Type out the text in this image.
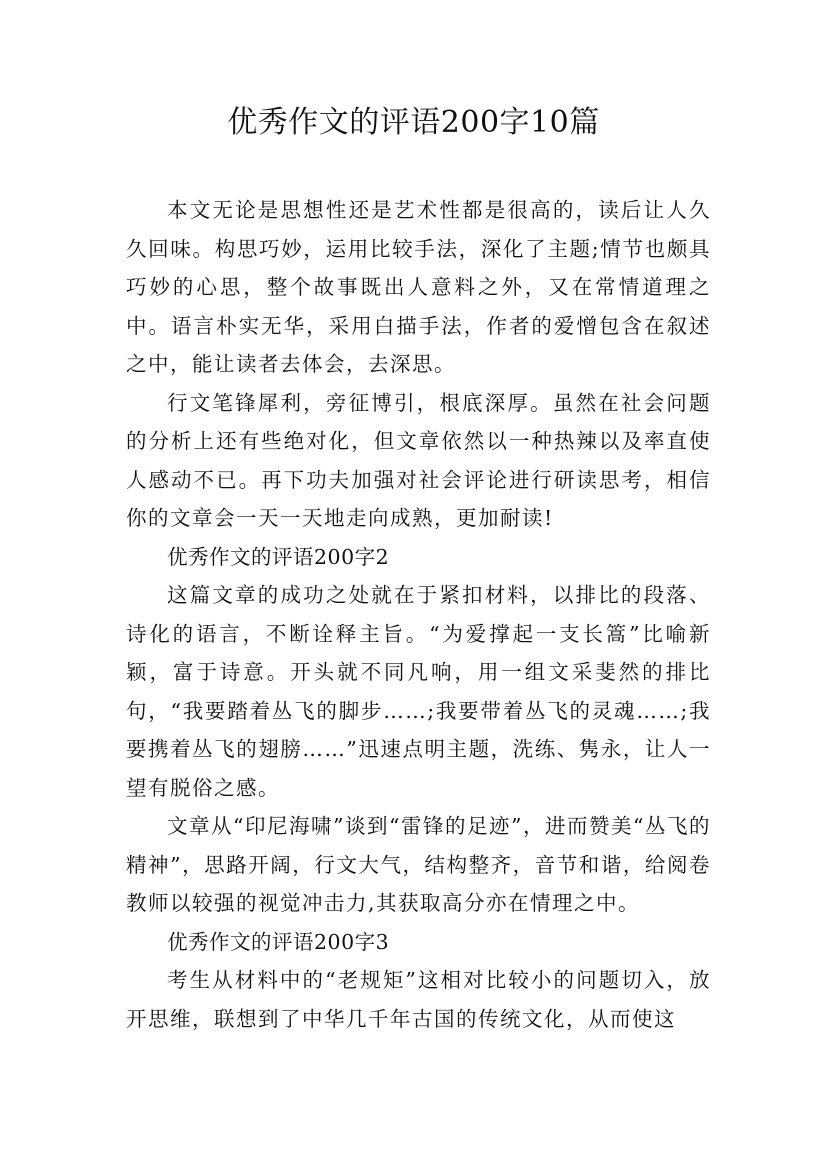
优秀作文的评语200字10篇

本文无论是思想性还是艺术性都是很高的，读后让人久久回味。构思巧妙，运用比较手法，深化了主题;情节也颇具巧妙的心思，整个故事既出人意料之外，又在常情道理之中。语言朴实无华，采用白描手法，作者的爱憎包含在叙述之中，能让读者去体会，去深思。

行文笔锋犀利，旁征博引，根底深厚。虽然在社会问题的分析上还有些绝对化，但文章依然以一种热辣以及率直使人感动不已。再下功夫加强对社会评论进行研读思考，相信你的文章会一天一天地走向成熟，更加耐读!

优秀作文的评语200字2

这篇文章的成功之处就在于紧扣材料，以排比的段落、诗化的语言，不断诠释主旨。“为爱撑起一支长篙”比喻新颖，富于诗意。开头就不同凡响，用一组文采斐然的排比句，“我要踏着丛飞的脚步……;我要带着丛飞的灵魂……;我要携着丛飞的翅膀……”迅速点明主题，洗练、隽永，让人一望有脱俗之感。

文章从“印尼海啸”谈到“雷锋的足迹”，进而赞美“丛飞的精神”，思路开阔，行文大气，结构整齐，音节和谐，给阅卷教师以较强的视觉冲击力,其获取高分亦在情理之中。

优秀作文的评语200字3

考生从材料中的“老规矩”这相对比较小的问题切入，放开思维，联想到了中华几千年古国的传统文化，从而使这
